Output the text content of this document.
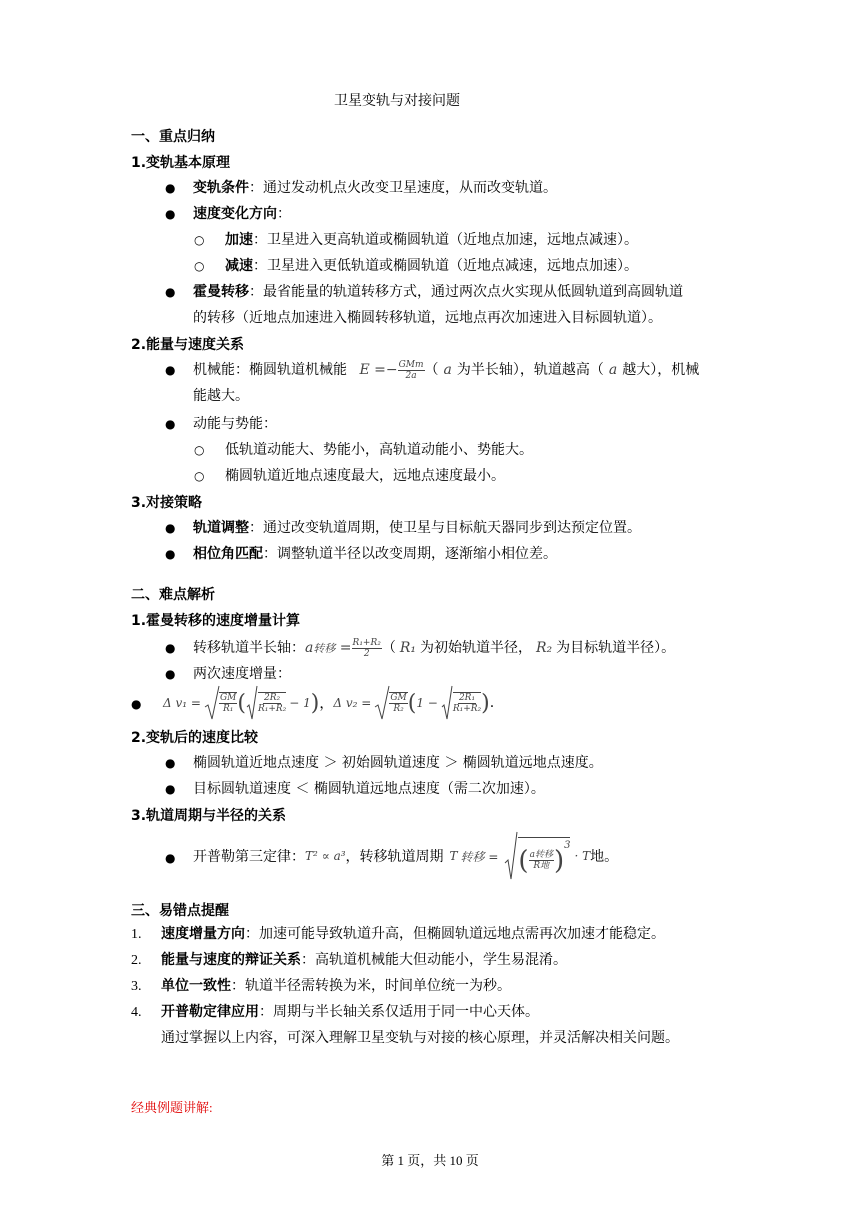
卫星变轨与对接问题
一、重点归纳
1.变轨基本原理
● 变轨条件：通过发动机点火改变卫星速度，从而改变轨道。
● 速度变化方向：
○ 加速：卫星进入更高轨道或椭圆轨道（近地点加速，远地点减速）。
○ 减速：卫星进入更低轨道或椭圆轨道（近地点减速，远地点加速）。
● 霍曼转移：最省能量的轨道转移方式，通过两次点火实现从低圆轨道到高圆轨道
的转移（近地点加速进入椭圆转移轨道，远地点再次加速进入目标圆轨道）。
2.能量与速度关系
● 机械能：椭圆轨道机械能 $E =- \frac{\text{GMm}}{2a}$ （ a 为半长轴），轨道越高（ a 越大），机械
能越大。
● 动能与势能：
○ 低轨道动能大、势能小，高轨道动能小、势能大。
○ 椭圆轨道近地点速度最大，远地点速度最小。
3.对接策略
● 轨道调整：通过改变轨道周期，使卫星与目标航天器同步到达预定位置。
● 相位角匹配：调整轨道半径以改变周期，逐渐缩小相位差。
二、难点解析
1.霍曼转移的速度增量计算
● 转移轨道半长轴：a转移 = $\frac{\text{R₁+R₂}}{2}$ （ R₁ 为初始轨道半径， R₂ 为目标轨道半径）。
● 两次速度增量：
● Δ $v_1 = \frac{GM}{\text{R₁}}$ ( $\frac{\text{2R₂}}{\text{R₁+R₂}} - 1$ ) ， Δ $v_2 = \frac{GM}{\text{R₂}}$ ( $1 - \frac{\text{2R₁}}{\text{R₁+R₂}}$ ) .
2.变轨后的速度比较
● 椭圆轨道近地点速度 ＞ 初始圆轨道速度 ＞ 椭圆轨道远地点速度。
● 目标圆轨道速度 ＜ 椭圆轨道远地点速度（需二次加速）。
3.轨道周期与半径的关系
● 开普勒第三定律： T² ∝ a³ ，转移轨道周期 T 转移 = ( $\frac{\text{a转移}}{\text{R地}}$ )
3
· T 地。
三、易错点提醒
1. 速度增量方向：加速可能导致轨道升高，但椭圆轨道远地点需再次加速才能稳定。
2. 能量与速度的辩证关系：高轨道机械能大但动能小，学生易混淆。
3. 单位一致性：轨道半径需转换为米，时间单位统一为秒。
4. 开普勒定律应用：周期与半长轴关系仅适用于同一中心天体。
通过掌握以上内容，可深入理解卫星变轨与对接的核心原理，并灵活解决相关问题。
经典例题讲解:
第 1 页，共 10 页
